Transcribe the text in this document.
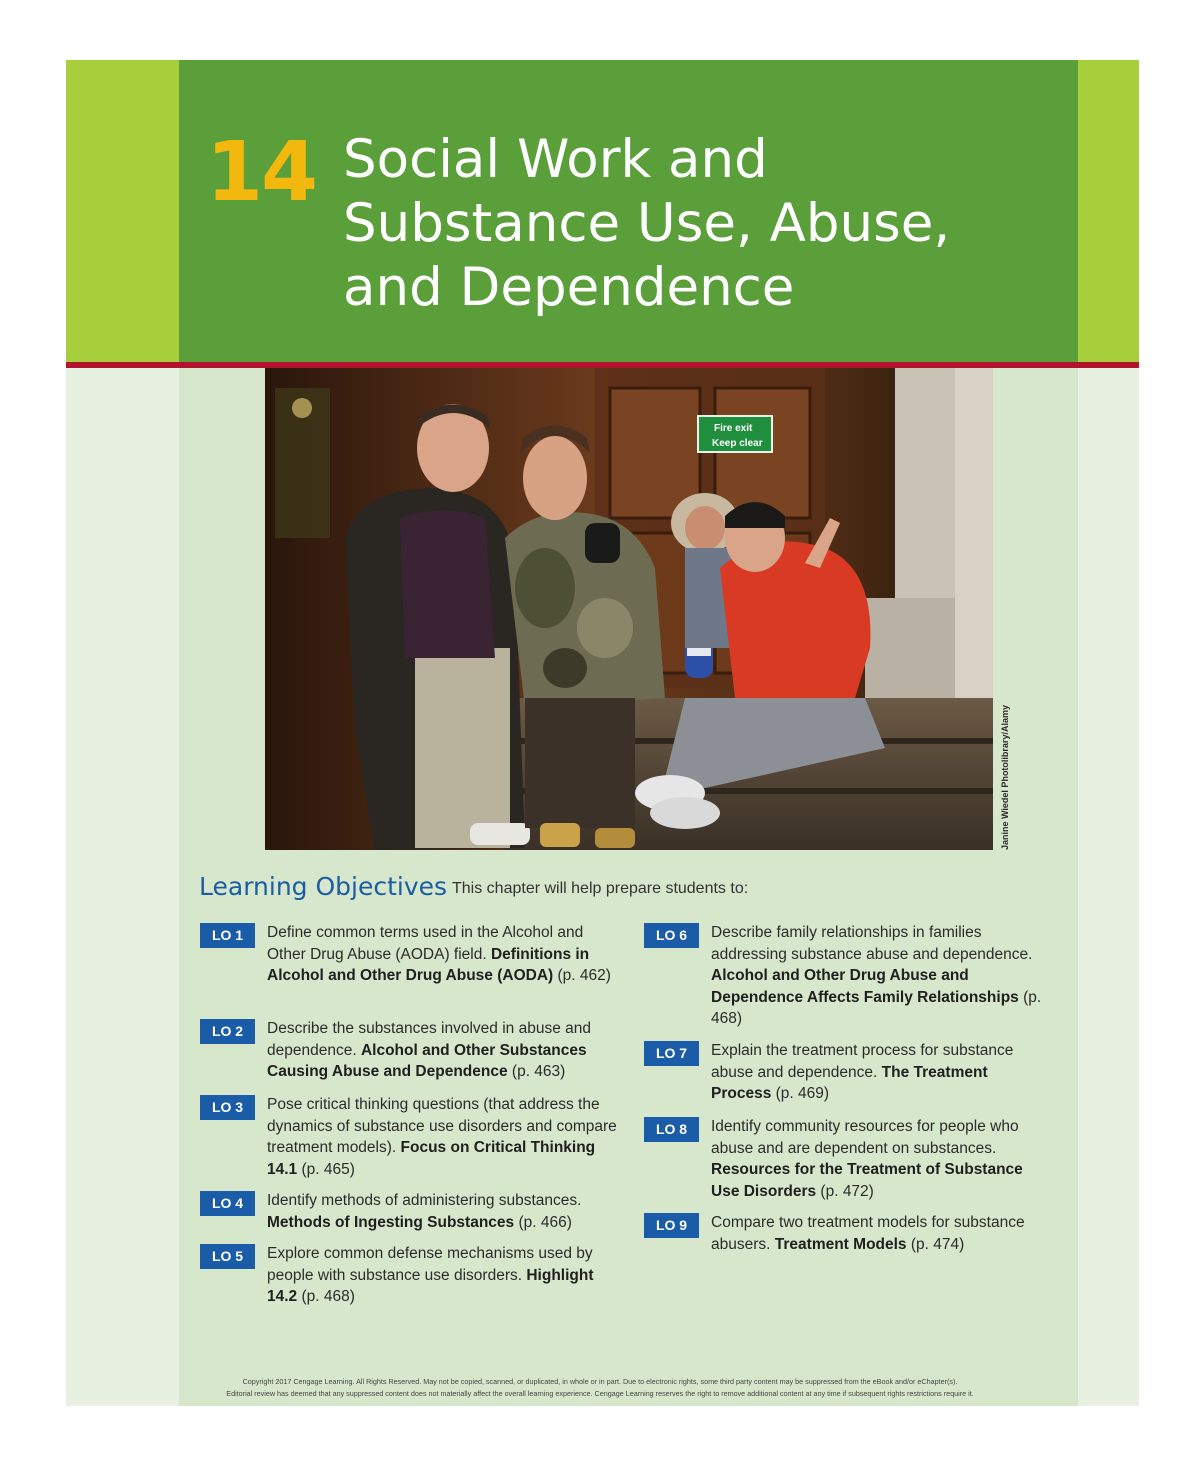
14 Social Work and
Substance Use, Abuse,
and Dependence
Fire exit
Keep clear
Janine Wiedel Photolibrary/Alamy
Learning Objectives This chapter will help prepare students to:

LO 1	Define common terms used in the Alcohol and Other Drug Abuse (AODA) field. Definitions in Alcohol and Other Drug Abuse (AODA) (p. 462)
LO 2	Describe the substances involved in abuse and dependence. Alcohol and Other Substances Causing Abuse and Dependence (p. 463)
LO 3	Pose critical thinking questions (that address the dynamics of substance use disorders and compare treatment models). Focus on Critical Thinking 14.1 (p. 465)
LO 4	Identify methods of administering substances. Methods of Ingesting Substances (p. 466)
LO 5	Explore common defense mechanisms used by people with substance use disorders. Highlight 14.2 (p. 468)
LO 6	Describe family relationships in families addressing substance abuse and dependence. Alcohol and Other Drug Abuse and Dependence Affects Family Relationships (p. 468)
LO 7	Explain the treatment process for substance abuse and dependence. The Treatment Process (p. 469)
LO 8	Identify community resources for people who abuse and are dependent on substances. Resources for the Treatment of Substance Use Disorders (p. 472)
LO 9	Compare two treatment models for substance abusers. Treatment Models (p. 474)
Copyright 2017 Cengage Learning. All Rights Reserved. May not be copied, scanned, or duplicated, in whole or in part. Due to electronic rights, some third party content may be suppressed from the eBook and/or eChapter(s).
Editorial review has deemed that any suppressed content does not materially affect the overall learning experience. Cengage Learning reserves the right to remove additional content at any time if subsequent rights restrictions require it.
